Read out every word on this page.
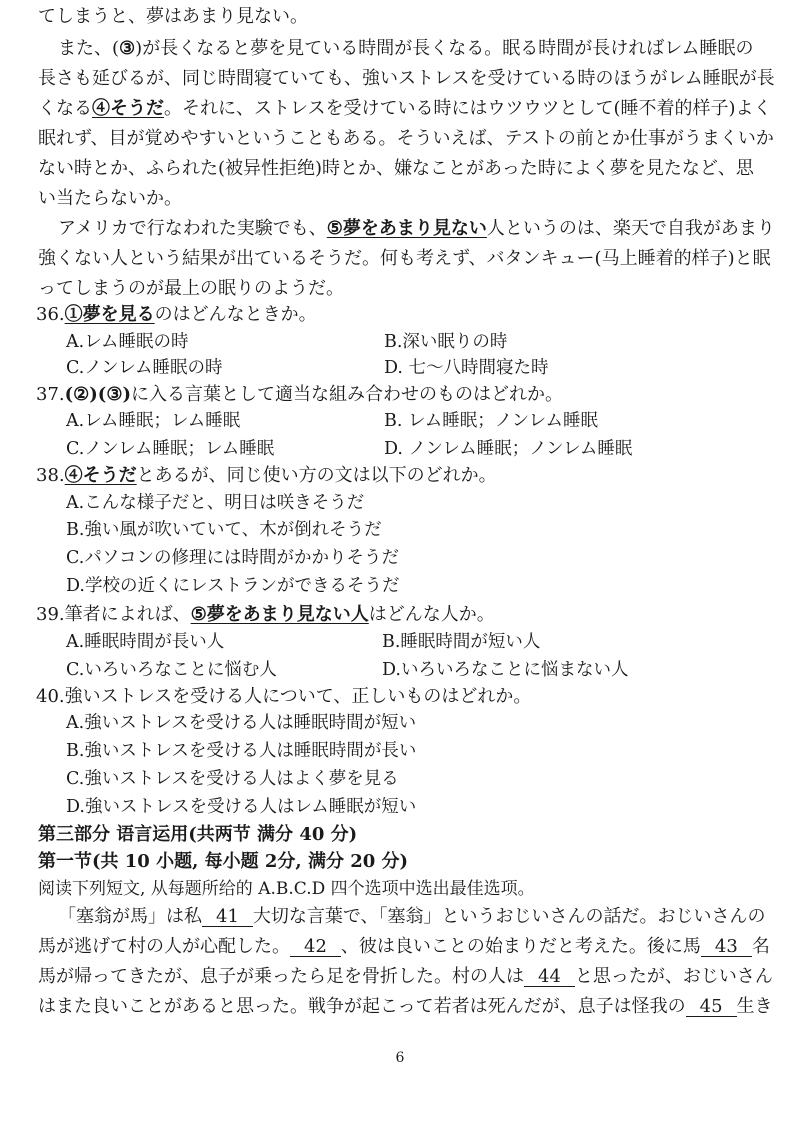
てしまうと、夢はあまり見ない。
また、(③)が長くなると夢を見ている時間が長くなる。眠る時間が長ければレム睡眠の
長さも延びるが、同じ時間寝ていても、強いストレスを受けている時のほうがレム睡眠が長
くなる④そうだ。それに、ストレスを受けている時にはウツウツとして(睡不着的样子)よく
眠れず、目が覚めやすいということもある。そういえば、テストの前とか仕事がうまくいか
ない時とか、ふられた(被异性拒绝)時とか、嫌なことがあった時によく夢を見たなど、思
い当たらないか。
アメリカで行なわれた実験でも、⑤夢をあまり見ない人というのは、楽天で自我があまり
強くない人という結果が出ているそうだ。何も考えず、バタンキュー(马上睡着的样子)と眠
ってしまうのが最上の眠りのようだ。
36.①夢を見るのはどんなときか。
A.レム睡眠の時	B.深い眠りの時
C.ノンレム睡眠の時	D. 七～八時間寝た時
37.(②)(③)に入る言葉として適当な組み合わせのものはどれか。
A.レム睡眠；レム睡眠	B. レム睡眠；ノンレム睡眠
C.ノンレム睡眠；レム睡眠	D. ノンレム睡眠；ノンレム睡眠
38.④そうだとあるが、同じ使い方の文は以下のどれか。
A.こんな様子だと、明日は咲きそうだ
B.強い風が吹いていて、木が倒れそうだ
C.パソコンの修理には時間がかかりそうだ
D.学校の近くにレストランができるそうだ
39.筆者によれば、⑤夢をあまり見ない人はどんな人か。
A.睡眠時間が長い人	B.睡眠時間が短い人
C.いろいろなことに悩む人	D.いろいろなことに悩まない人
40.強いストレスを受ける人について、正しいものはどれか。
A.強いストレスを受ける人は睡眠時間が短い
B.強いストレスを受ける人は睡眠時間が長い
C.強いストレスを受ける人はよく夢を見る
D.強いストレスを受ける人はレム睡眠が短い
第三部分 语言运用(共两节 满分 40 分)
第一节(共 10 小题, 每小题 2分, 满分 20 分)
阅读下列短文, 从每题所给的 A.B.C.D 四个选项中选出最佳选项。
「塞翁が馬」は私 41 大切な言葉で、「塞翁」というおじいさんの話だ。おじいさんの
馬が逃げて村の人が心配した。 42 、彼は良いことの始まりだと考えた。後に馬 43 名
馬が帰ってきたが、息子が乗ったら足を骨折した。村の人は 44 と思ったが、おじいさん
はまた良いことがあると思った。戦争が起こって若者は死んだが、息子は怪我の 45 生き
6
